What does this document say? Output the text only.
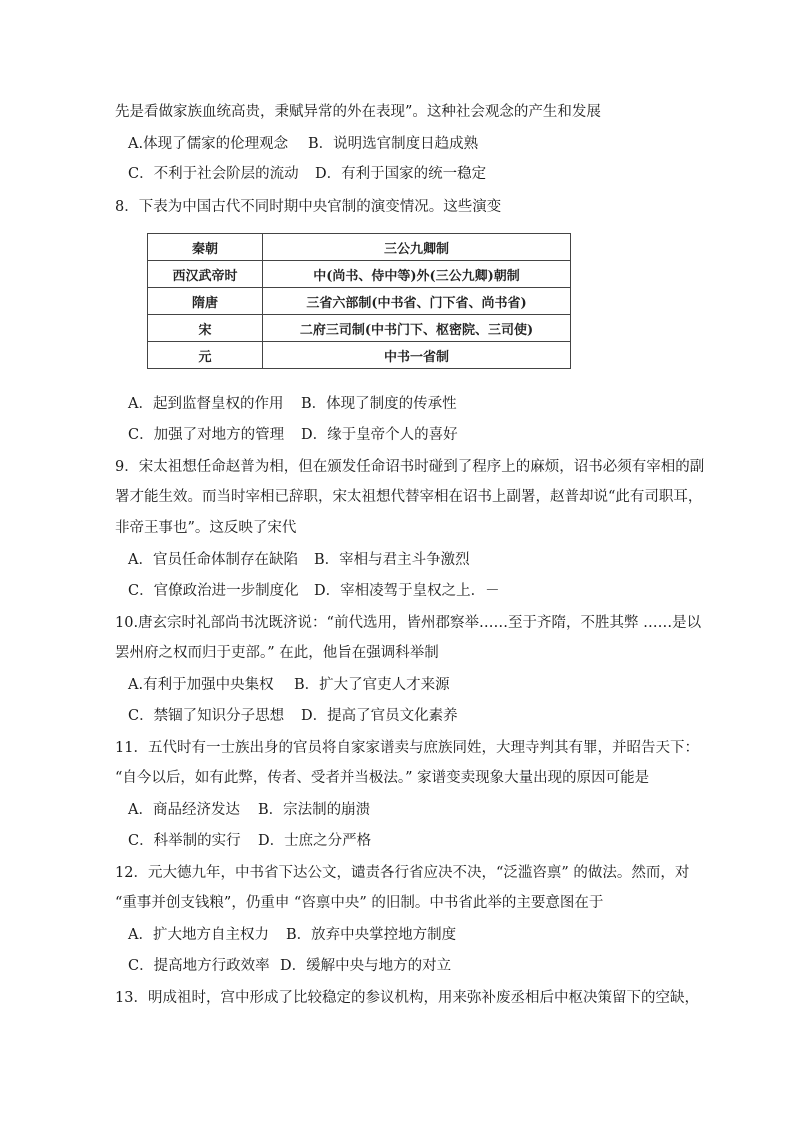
先是看做家族血统高贵，秉赋异常的外在表现”。这种社会观念的产生和发展
A.体现了儒家的伦理观念 B．说明选官制度日趋成熟
C．不利于社会阶层的流动 D．有利于国家的统一稳定
8．下表为中国古代不同时期中央官制的演变情况。这些演变
秦朝	三公九卿制
西汉武帝时	中(尚书、侍中等)外(三公九卿)朝制
隋唐	三省六部制(中书省、门下省、尚书省)
宋	二府三司制(中书门下、枢密院、三司使)
元	中书一省制
A．起到监督皇权的作用 B．体现了制度的传承性
C．加强了对地方的管理 D．缘于皇帝个人的喜好
9．宋太祖想任命赵普为相，但在颁发任命诏书时碰到了程序上的麻烦，诏书必须有宰相的副
署才能生效。而当时宰相已辞职，宋太祖想代替宰相在诏书上副署，赵普却说“此有司职耳，
非帝王事也”。这反映了宋代
A．官员任命体制存在缺陷 B．宰相与君主斗争激烈
C．官僚政治进一步制度化 D．宰相凌驾于皇权之上．－
10.唐玄宗时礼部尚书沈既济说：“前代选用，皆州郡察举……至于齐隋，不胜其弊 ……是以
罢州府之权而归于吏部。” 在此，他旨在强调科举制
A.有利于加强中央集权 B．扩大了官吏人才来源
C．禁锢了知识分子思想 D．提高了官员文化素养
11．五代时有一士族出身的官员将自家家谱卖与庶族同姓，大理寺判其有罪，并昭告天下：
“自今以后，如有此弊，传者、受者并当极法。” 家谱变卖现象大量出现的原因可能是
A．商品经济发达 B．宗法制的崩溃
C．科举制的实行 D．士庶之分严格
12．元大德九年，中书省下达公文，谴责各行省应决不决，“泛滥咨禀” 的做法。然而，对
“重事并创支钱粮”，仍重申 “咨禀中央” 的旧制。中书省此举的主要意图在于
A．扩大地方自主权力 B．放弃中央掌控地方制度
C．提高地方行政效率 D．缓解中央与地方的对立
13．明成祖时，宫中形成了比较稳定的参议机构，用来弥补废丞相后中枢决策留下的空缺，
